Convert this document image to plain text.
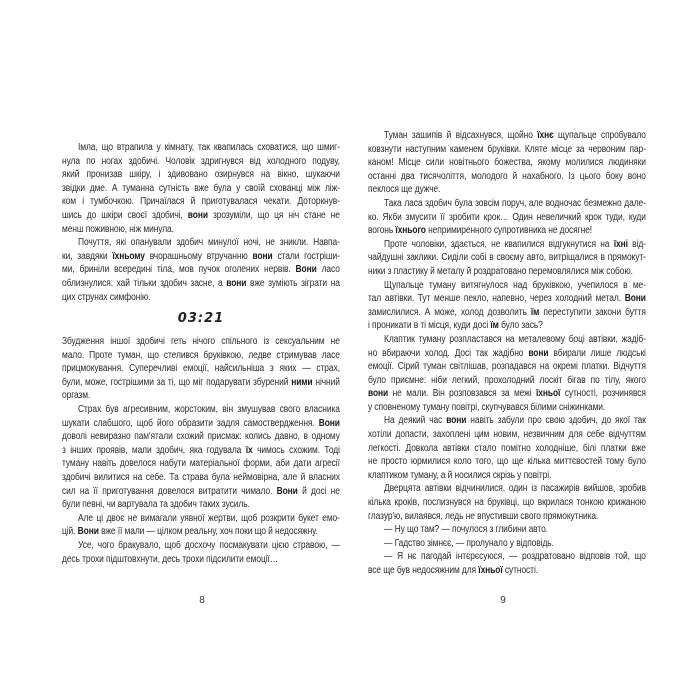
Імла, що втрапила у кімнату, так квапилась сховатися, що шмиг-
нула по ногах здобичі. Чоловік здригнувся від холодного подуву,
який пронизав шкіру, і здивовано озирнувся на вікно, шукаючи
звідки дме. А туманна сутність вже була у своїй схованці між ліж-
ком і тумбочкою. Причаїлася й приготувалася чекати. Доторкнув-
шись до шкіри своєї здобичі, вони зрозуміли, що ця ніч стане не
менш поживною, ніж минула.
Почуття, які опанували здобич минулої ночі, не зникли. Навпа-
ки, завдяки їхньому вчорашньому втручанню вони стали гостріши-
ми, бриніли всередині тіла, мов пучок оголених нервів. Вони ласо
облизнулися: хай тільки здобич засне, а вони вже зуміють зіграти на
цих струнах симфонію.
03:21
Збудження іншої здобичі геть нічого спільного із сексуальним не
мало. Проте туман, що стелився бруківкою, ледве стримував ласе
прицмокування. Суперечливі емоції, найсильніша з яких — страх,
були, може, гострішими за ті, що міг подарувати збурений ними нічний
оргазм.
Страх був агресивним, жорстоким, він змушував свого власника
шукати слабшого, щоб його образити задля самоствердження. Вони
доволі невиразно пам'ятали схожий присмак: колись давно, в одному
з інших проявів, мали здобич, яка годувала їх чимось схожим. Тоді
туману навіть довелося набути матеріальної форми, аби дати агресії
здобичі вилитися на себе. Та страва була неймовірна, але й власних
сил на її приготування довелося витратити чимало. Вони й досі не
були певні, чи вартувала та здобич таких зусиль.
Але ці двоє не вимагали уявної жертви, щоб розкрити букет емо-
цій. Вони вже її мали — цілком реальну, хоч поки що й недосяжну.
Усе, чого бракувало, щоб досхочу посмакувати цією стравою, —
десь трохи підштовхнути, десь трохи підсилити емоції…
8
Туман зашипів й відсахнувся, щойно їхнє щупальце спробувало
ковзнути наступним каменем бруківки. Кляте місце за червоним пар-
каном! Місце сили новітнього божества, якому молилися людиняки
останні два тисячоліття, молодого й нахабного. Із цього боку воно
пеклося ще дужче.
Така ласа здобич була зовсім поруч, але водночас безмежно дале-
ко. Якби змусити її зробити крок… Один невеличкий крок туди, куди
вогонь їхнього непримиренного супротивника не досягне!
Проте чоловіки, здається, не квапилися відгукнутися на їхні від-
чайдушні заклики. Сиділи собі в своєму авто, витріщалися в прямокут-
ники з пластику й металу й роздратовано перемовлялися між собою.
Щупальце туману витягнулося над бруківкою, учепилося в ме-
тал автівки. Тут менше пекло, напевно, через холодний метал. Вони
замислилися. А може, холод дозволить їм переступити закони буття
і проникати в ті місця, куди досі їм було зась?
Клаптик туману розпластався на металевому боці автівки, жадіб-
но вбираючи холод. Досі так жадібно вони вбирали лише людські
емоції. Сірий туман світлішав, розпадався на окремі платки. Відчуття
було приємне: ніби легкий, прохолодний лоскіт бігав по тілу, якого
вони не мали. Він розповзався за межі їхньої сутності, розчинявся
у сповненому туману повітрі, скупчувався білими сніжинками.
На деякий час вони навіть забули про свою здобич, до якої так
хотіли допасти, захоплені цим новим, незвичним для себе відчуттям
легкості. Довкола автівки стало помітно холодніше, білі платки вже
не просто юрмилися коло того, що ще кілька миттєвостей тому було
клаптиком туману, а й носилися скрізь у повітрі.
Дверцята автівки відчинилися, один із пасажирів вийшов, зробив
кілька кроків, послизнувся на бруківці, що вкрилася тонкою крижаною
глазур'ю, вилаявся, ледь не впустивши свого прямокутника.
— Ну що там? — почулося з глибини авто.
— Гадство зімнєє, — пролунало у відповідь.
— Я нє пагодай інтєрєсуюся, — роздратовано відповів той, що
все ще був недосяжним для їхньої сутності.
9
